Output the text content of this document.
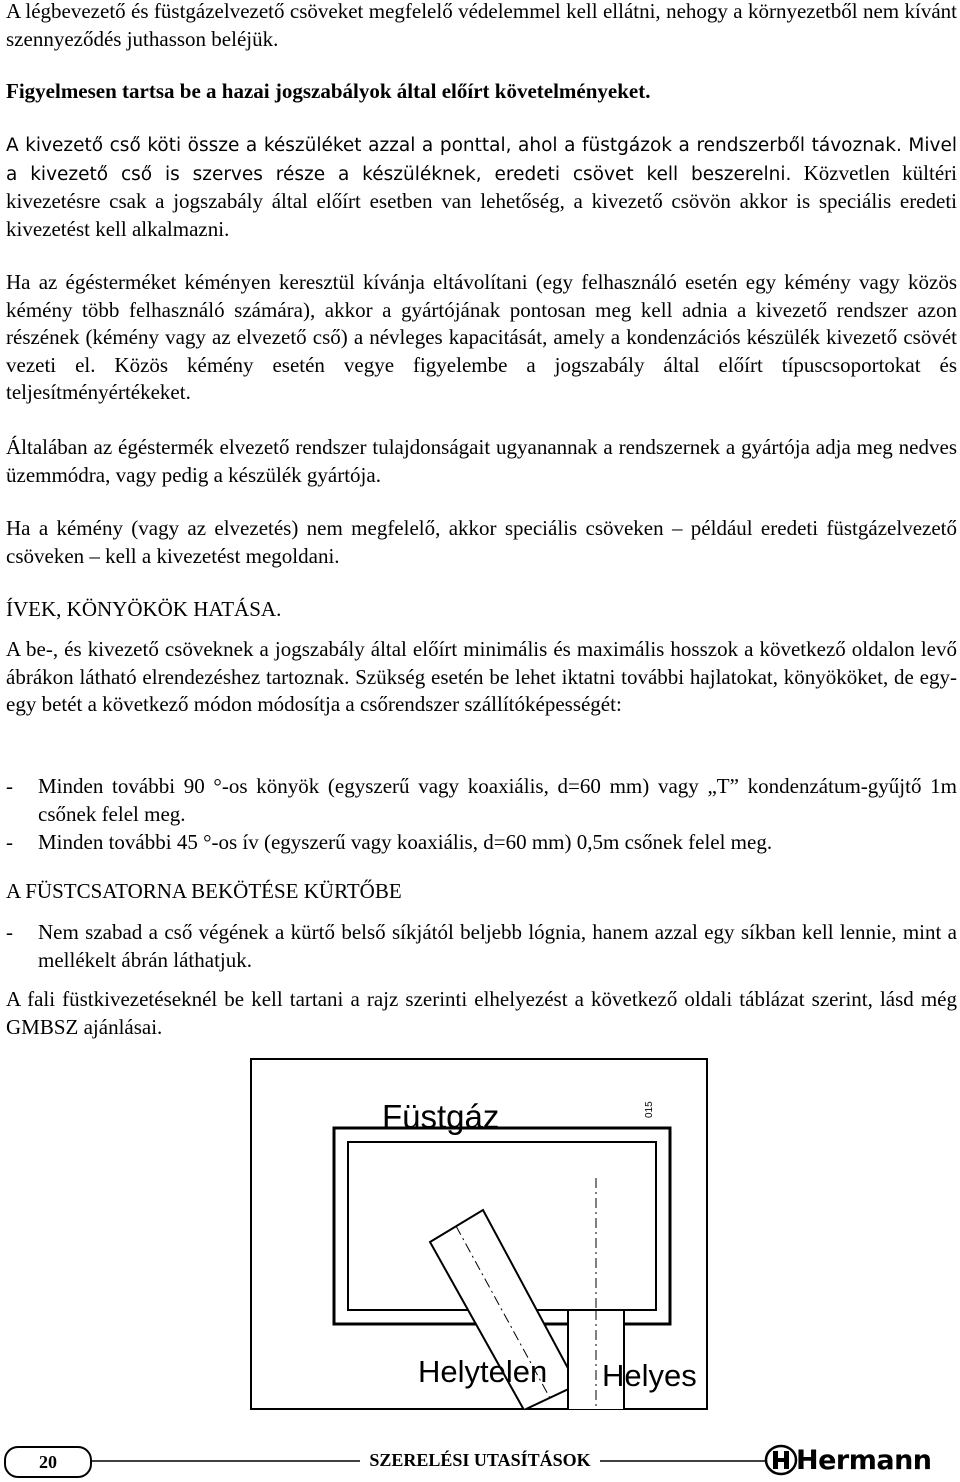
A légbevezető és füstgázelvezető csöveket megfelelő védelemmel kell ellátni, nehogy a környezetből nem kívánt szennyeződés juthasson beléjük.

Figyelmesen tartsa be a hazai jogszabályok által előírt követelményeket.

A kivezető cső köti össze a készüléket azzal a ponttal, ahol a füstgázok a rendszerből távoznak. Mivel a kivezető cső is szerves része a készüléknek, eredeti csövet kell beszerelni. Közvetlen kültéri kivezetésre csak a jogszabály által előírt esetben van lehetőség, a kivezető csövön akkor is speciális eredeti kivezetést kell alkalmazni.

Ha az égésterméket kéményen keresztül kívánja eltávolítani (egy felhasználó esetén egy kémény vagy közös kémény több felhasználó számára), akkor a gyártójának pontosan meg kell adnia a kivezető rendszer azon részének (kémény vagy az elvezető cső) a névleges kapacitását, amely a kondenzációs készülék kivezető csövét vezeti el. Közös kémény esetén vegye figyelembe a jogszabály által előírt típuscsoportokat és teljesítményértékeket.

Általában az égéstermék elvezető rendszer tulajdonságait ugyanannak a rendszernek a gyártója adja meg nedves üzemmódra, vagy pedig a készülék gyártója.

Ha a kémény (vagy az elvezetés) nem megfelelő, akkor speciális csöveken – például eredeti füstgázelvezető csöveken – kell a kivezetést megoldani.

ÍVEK, KÖNYÖKÖK HATÁSA.

A be-, és kivezető csöveknek a jogszabály által előírt minimális és maximális hosszok a következő oldalon levő ábrákon látható elrendezéshez tartoznak. Szükség esetén be lehet iktatni további hajlatokat, könyököket, de egy-egy betét a következő módon módosítja a csőrendszer szállítóképességét:

-	Minden további 90 °-os könyök (egyszerű vagy koaxiális, d=60 mm) vagy „T” kondenzátum-gyűjtő 1m csőnek felel meg.
-	Minden további 45 °-os ív (egyszerű vagy koaxiális, d=60 mm) 0,5m csőnek felel meg.

A FÜSTCSATORNA BEKÖTÉSE KÜRTŐBE

-	Nem szabad a cső végének a kürtő belső síkjától beljebb lógnia, hanem azzal egy síkban kell lennie, mint a mellékelt ábrán láthatjuk.

A fali füstkivezetéseknél be kell tartani a rajz szerinti elhelyezést a következő oldali táblázat szerint, lásd még GMBSZ ajánlásai.

Füstgáz	015
Helytelen Helyes
20	SZERELÉSI UTASÍTÁSOK	Hermann
